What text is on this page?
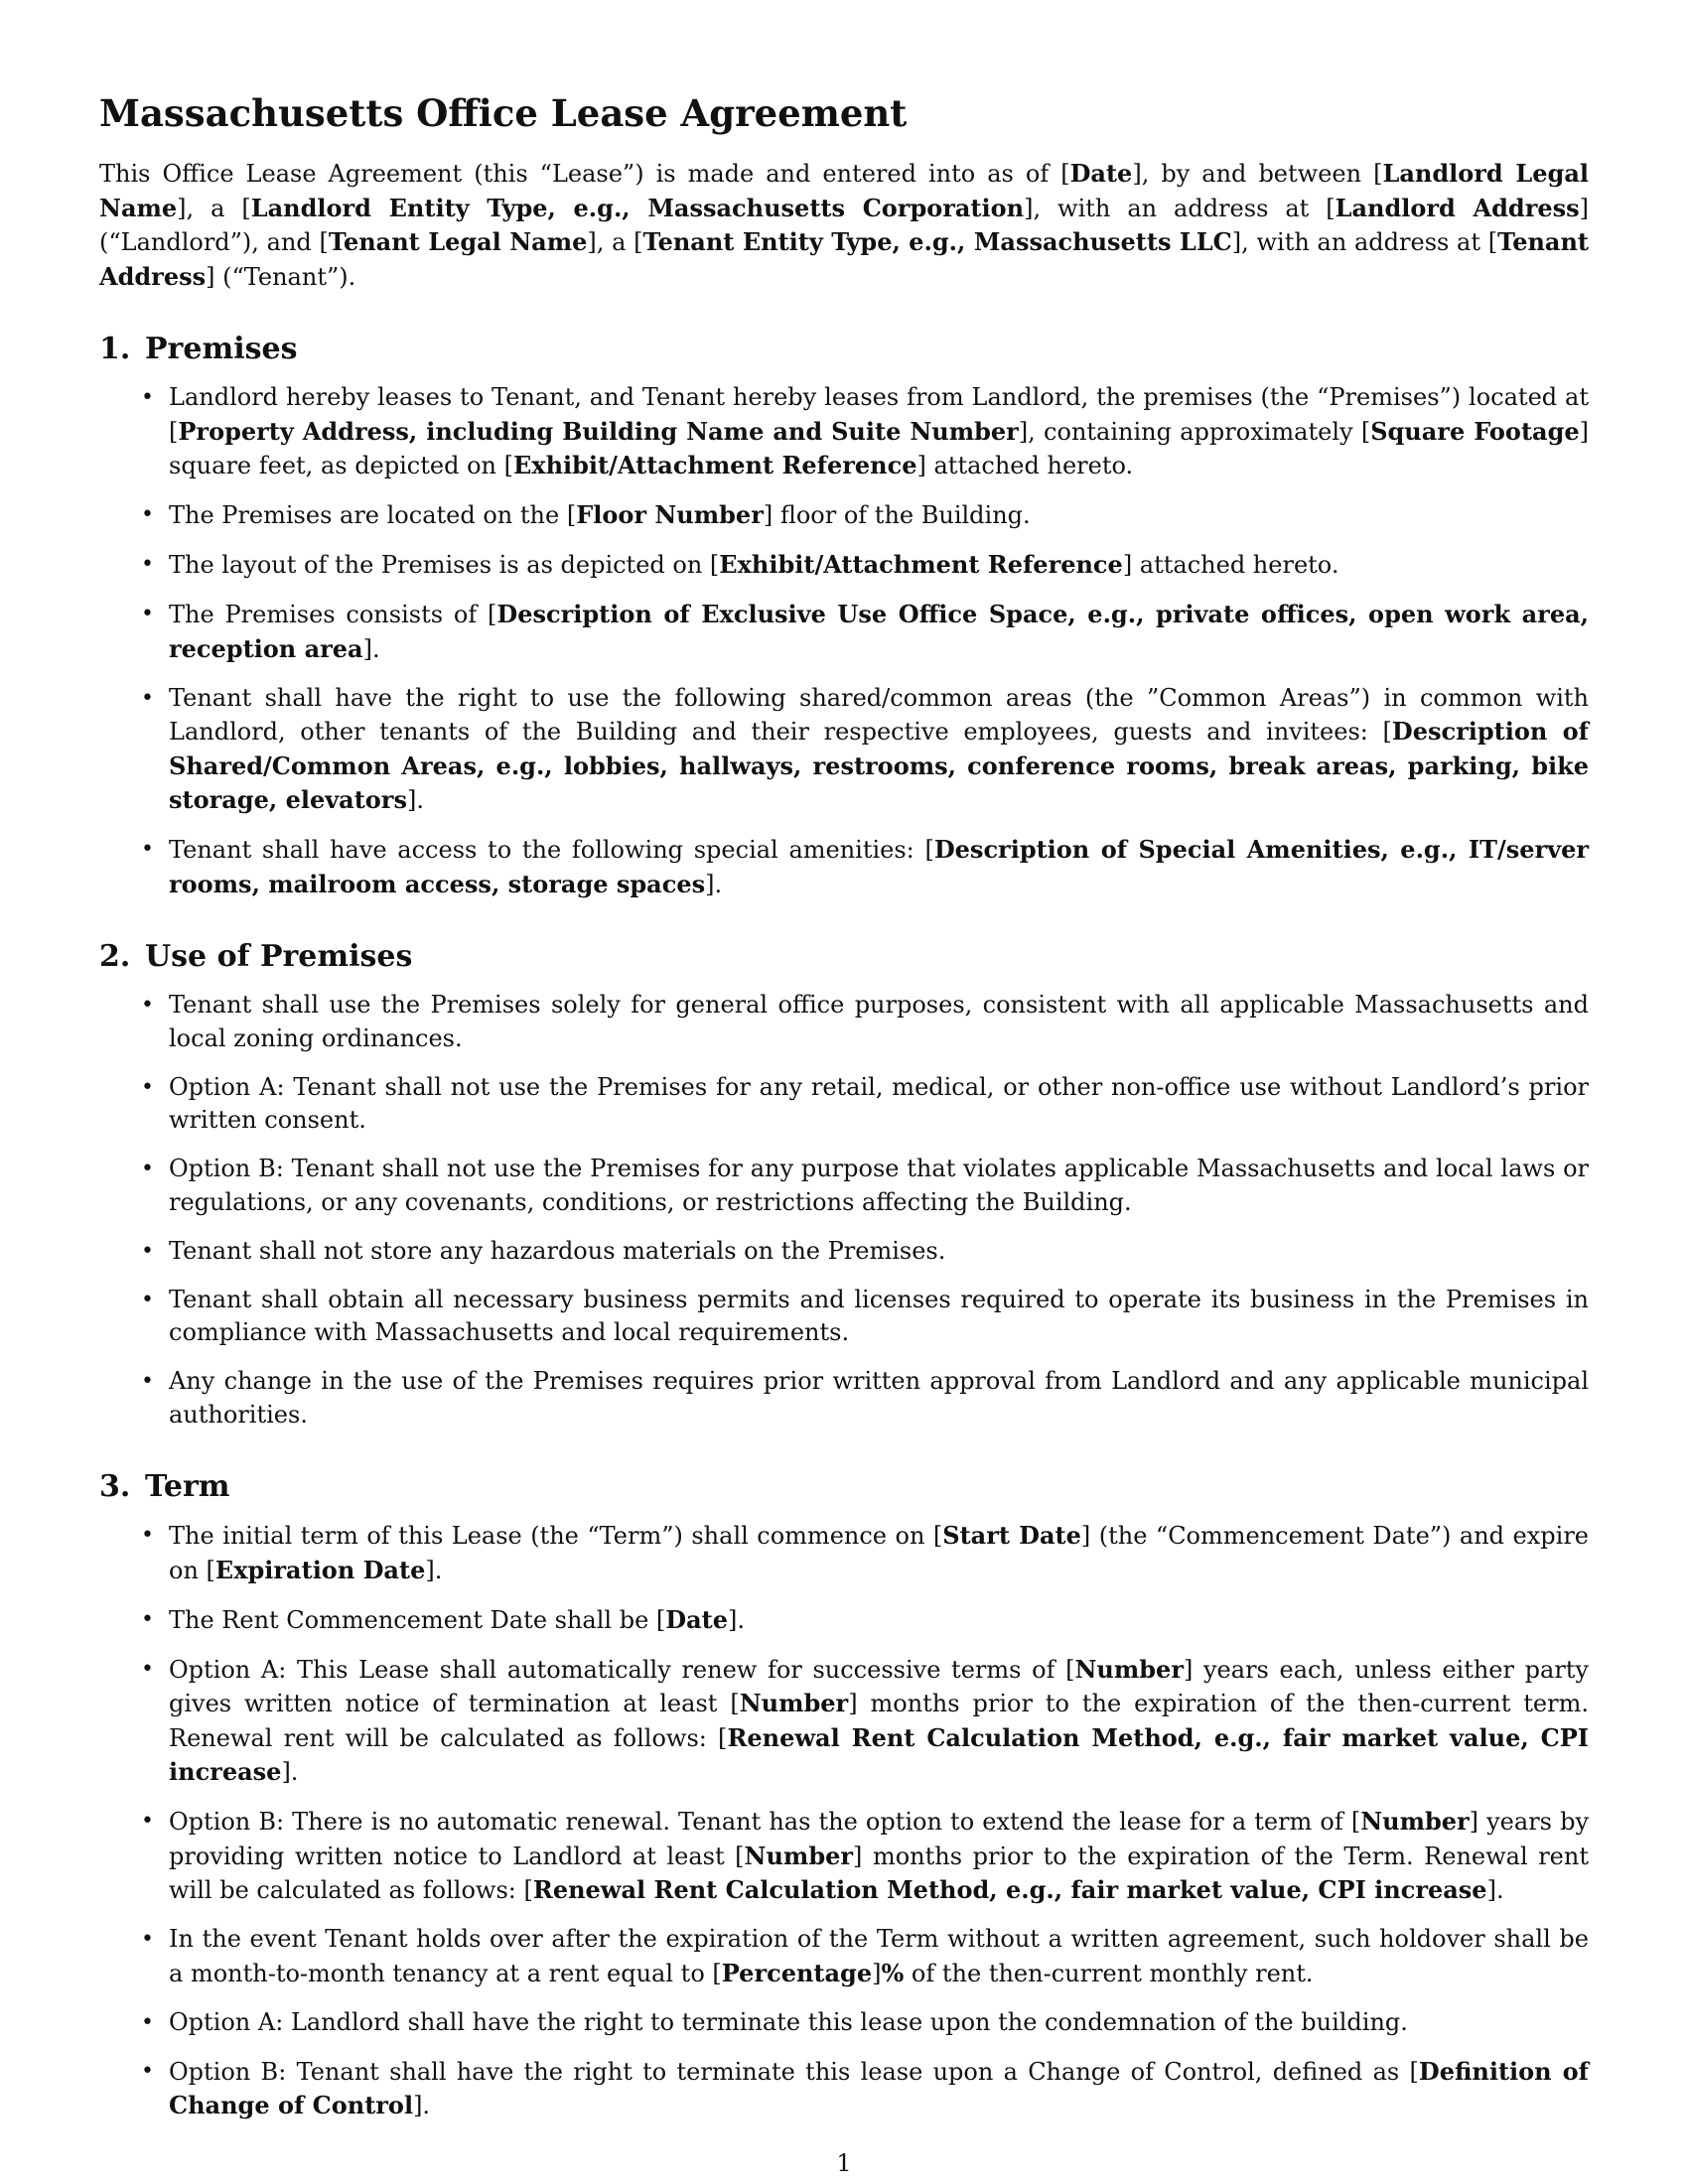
Massachusetts Office Lease Agreement

This Office Lease Agreement (this “Lease”) is made and entered into as of [Date], by and between [Landlord Legal Name], a [Landlord Entity Type, e.g., Massachusetts Corporation], with an address at [Landlord Address] (“Landlord”), and [Tenant Legal Name], a [Tenant Entity Type, e.g., Massachusetts LLC], with an address at [Tenant Address] (“Tenant”).

1. Premises
• Landlord hereby leases to Tenant, and Tenant hereby leases from Landlord, the premises (the “Premises”) located at [Property Address, including Building Name and Suite Number], containing approximately [Square Footage] square feet, as depicted on [Exhibit/Attachment Reference] attached hereto.
• The Premises are located on the [Floor Number] floor of the Building.
• The layout of the Premises is as depicted on [Exhibit/Attachment Reference] attached hereto.
• The Premises consists of [Description of Exclusive Use Office Space, e.g., private offices, open work area, reception area].
• Tenant shall have the right to use the following shared/common areas (the ”Common Areas”) in common with Landlord, other tenants of the Building and their respective employees, guests and invitees: [Description of Shared/Common Areas, e.g., lobbies, hallways, restrooms, conference rooms, break areas, parking, bike storage, elevators].
• Tenant shall have access to the following special amenities: [Description of Special Amenities, e.g., IT/server rooms, mailroom access, storage spaces].
2. Use of Premises
• Tenant shall use the Premises solely for general office purposes, consistent with all applicable Massachusetts and local zoning ordinances.
• Option A: Tenant shall not use the Premises for any retail, medical, or other non-office use without Landlord’s prior written consent.
• Option B: Tenant shall not use the Premises for any purpose that violates applicable Massachusetts and local laws or regulations, or any covenants, conditions, or restrictions affecting the Building.
• Tenant shall not store any hazardous materials on the Premises.
• Tenant shall obtain all necessary business permits and licenses required to operate its business in the Premises in compliance with Massachusetts and local requirements.
• Any change in the use of the Premises requires prior written approval from Landlord and any applicable municipal authorities.
3. Term
• The initial term of this Lease (the “Term”) shall commence on [Start Date] (the “Commencement Date”) and expire on [Expiration Date].
• The Rent Commencement Date shall be [Date].
• Option A: This Lease shall automatically renew for successive terms of [Number] years each, unless either party gives written notice of termination at least [Number] months prior to the expiration of the then-current term. Renewal rent will be calculated as follows: [Renewal Rent Calculation Method, e.g., fair market value, CPI increase].
• Option B: There is no automatic renewal. Tenant has the option to extend the lease for a term of [Number] years by providing written notice to Landlord at least [Number] months prior to the expiration of the Term. Renewal rent will be calculated as follows: [Renewal Rent Calculation Method, e.g., fair market value, CPI increase].
• In the event Tenant holds over after the expiration of the Term without a written agreement, such holdover shall be a month-to-month tenancy at a rent equal to [Percentage]% of the then-current monthly rent.
• Option A: Landlord shall have the right to terminate this lease upon the condemnation of the building.
• Option B: Tenant shall have the right to terminate this lease upon a Change of Control, defined as [Definition of Change of Control].
1
